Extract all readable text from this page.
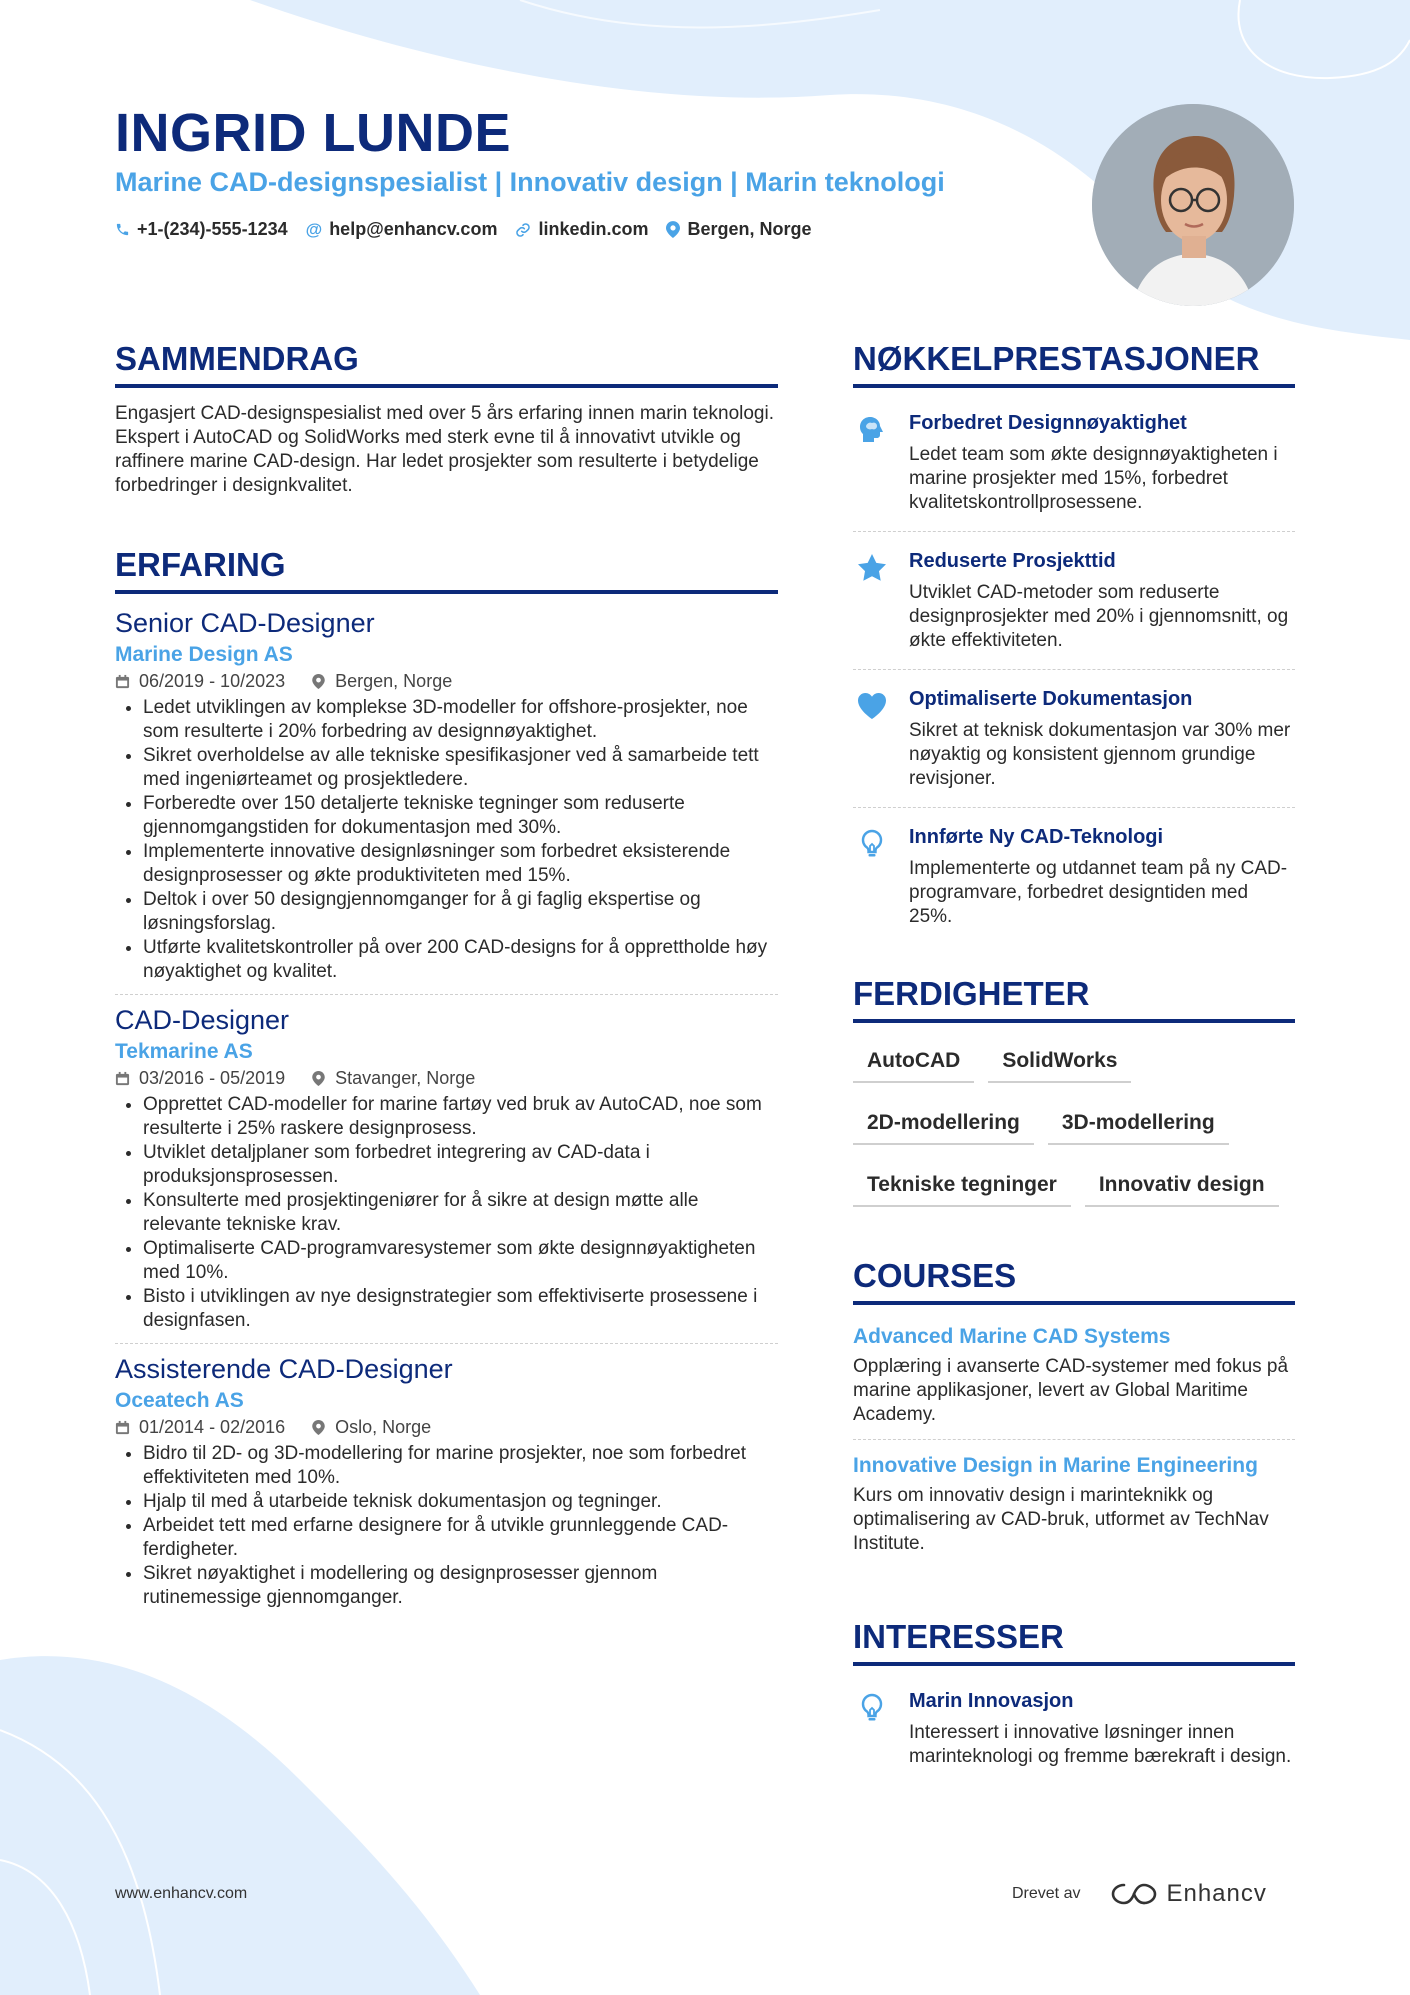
INGRID LUNDE
Marine CAD-designspesialist | Innovativ design | Marin teknologi
+1-(234)-555-1234 @ help@enhancv.com linkedin.com Bergen, Norge
SAMMENDRAG
Engasjert CAD-designspesialist med over 5 års erfaring innen marin teknologi. Ekspert i AutoCAD og SolidWorks med sterk evne til å innovativt utvikle og raffinere marine CAD-design. Har ledet prosjekter som resulterte i betydelige forbedringer i designkvalitet.
ERFARING
Senior CAD-Designer
Marine Design AS
06/2019 - 10/2023	Bergen, Norge
• Ledet utviklingen av komplekse 3D-modeller for offshore-prosjekter, noe som resulterte i 20% forbedring av designnøyaktighet.
• Sikret overholdelse av alle tekniske spesifikasjoner ved å samarbeide tett med ingeniørteamet og prosjektledere.
• Forberedte over 150 detaljerte tekniske tegninger som reduserte gjennomgangstiden for dokumentasjon med 30%.
• Implementerte innovative designløsninger som forbedret eksisterende designprosesser og økte produktiviteten med 15%.
• Deltok i over 50 designgjennomganger for å gi faglig ekspertise og løsningsforslag.
• Utførte kvalitetskontroller på over 200 CAD-designs for å opprettholde høy nøyaktighet og kvalitet.
CAD-Designer
Tekmarine AS
03/2016 - 05/2019	Stavanger, Norge
• Opprettet CAD-modeller for marine fartøy ved bruk av AutoCAD, noe som resulterte i 25% raskere designprosess.
• Utviklet detaljplaner som forbedret integrering av CAD-data i produksjonsprosessen.
• Konsulterte med prosjektingeniører for å sikre at design møtte alle relevante tekniske krav.
• Optimaliserte CAD-programvaresystemer som økte designnøyaktigheten med 10%.
• Bisto i utviklingen av nye designstrategier som effektiviserte prosessene i designfasen.
Assisterende CAD-Designer
Oceatech AS
01/2014 - 02/2016	Oslo, Norge
• Bidro til 2D- og 3D-modellering for marine prosjekter, noe som forbedret effektiviteten med 10%.
• Hjalp til med å utarbeide teknisk dokumentasjon og tegninger.
• Arbeidet tett med erfarne designere for å utvikle grunnleggende CAD-ferdigheter.
• Sikret nøyaktighet i modellering og designprosesser gjennom rutinemessige gjennomganger.
NØKKELPRESTASJONER
Forbedret Designnøyaktighet
Ledet team som økte designnøyaktigheten i marine prosjekter med 15%, forbedret kvalitetskontrollprosessene.
Reduserte Prosjekttid
Utviklet CAD-metoder som reduserte designprosjekter med 20% i gjennomsnitt, og økte effektiviteten.
Optimaliserte Dokumentasjon
Sikret at teknisk dokumentasjon var 30% mer nøyaktig og konsistent gjennom grundige revisjoner.
Innførte Ny CAD-Teknologi
Implementerte og utdannet team på ny CAD-programvare, forbedret designtiden med 25%.
FERDIGHETER
AutoCAD	SolidWorks
2D-modellering	3D-modellering
Tekniske tegninger	Innovativ design
COURSES
Advanced Marine CAD Systems
Opplæring i avanserte CAD-systemer med fokus på marine applikasjoner, levert av Global Maritime Academy.
Innovative Design in Marine Engineering
Kurs om innovativ design i marinteknikk og optimalisering av CAD-bruk, utformet av TechNav Institute.
INTERESSER
Marin Innovasjon
Interessert i innovative løsninger innen marinteknologi og fremme bærekraft i design.
www.enhancv.com	Drevet av	Enhancv
